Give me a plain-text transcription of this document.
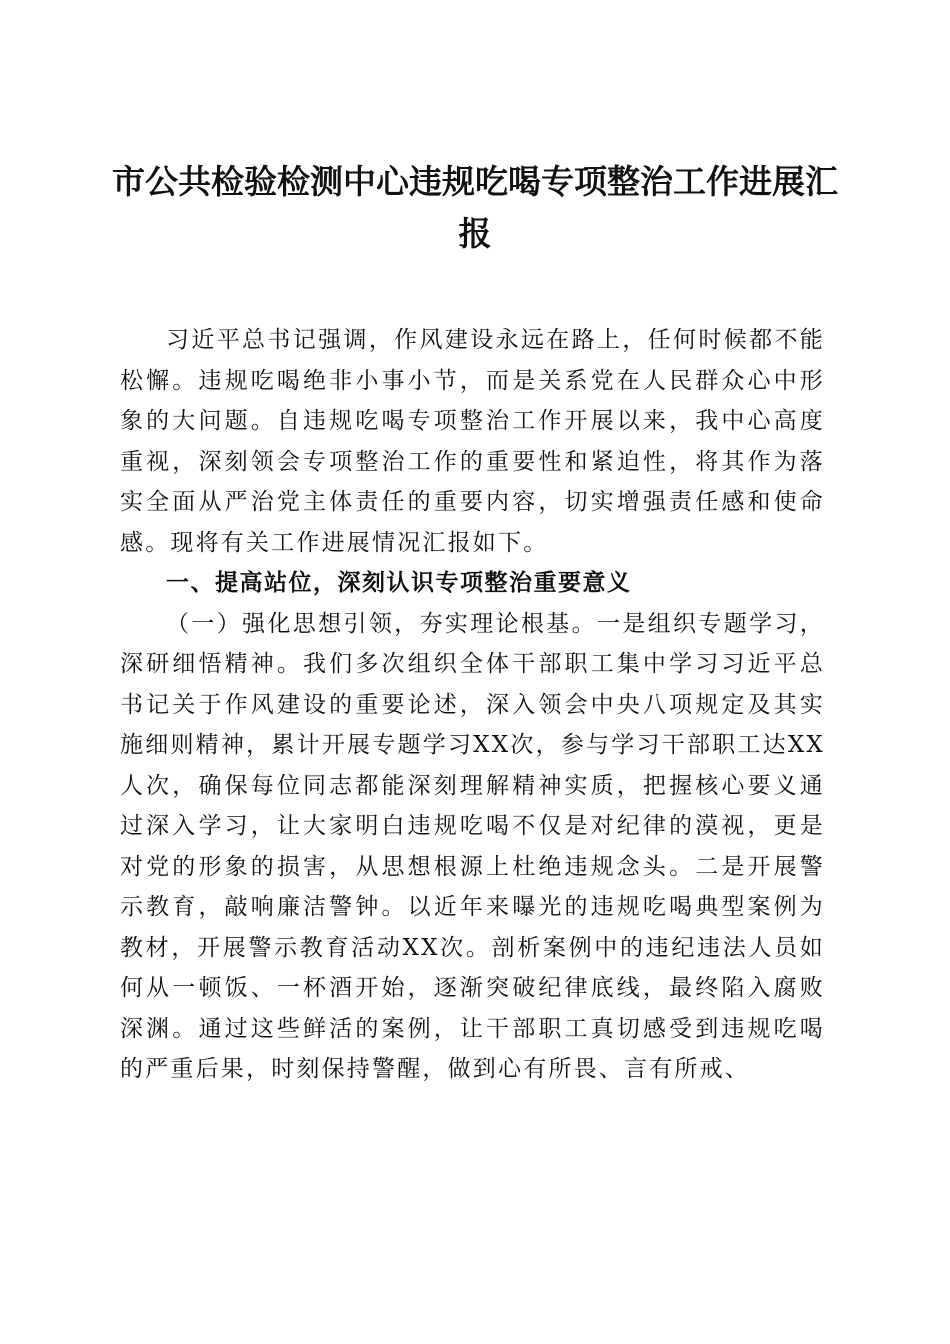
市公共检验检测中心违规吃喝专项整治工作进展汇报

习近平总书记强调，作风建设永远在路上，任何时候都不能松懈。违规吃喝绝非小事小节，而是关系党在人民群众心中形象的大问题。自违规吃喝专项整治工作开展以来，我中心高度重视，深刻领会专项整治工作的重要性和紧迫性，将其作为落实全面从严治党主体责任的重要内容，切实增强责任感和使命感。现将有关工作进展情况汇报如下。

一、提高站位，深刻认识专项整治重要意义

（一）强化思想引领，夯实理论根基。一是组织专题学习，深研细悟精神。我们多次组织全体干部职工集中学习习近平总书记关于作风建设的重要论述，深入领会中央八项规定及其实施细则精神，累计开展专题学习XX次，参与学习干部职工达XX人次，确保每位同志都能深刻理解精神实质，把握核心要义通过深入学习，让大家明白违规吃喝不仅是对纪律的漠视，更是对党的形象的损害，从思想根源上杜绝违规念头。二是开展警示教育，敲响廉洁警钟。以近年来曝光的违规吃喝典型案例为教材，开展警示教育活动XX次。剖析案例中的违纪违法人员如何从一顿饭、一杯酒开始，逐渐突破纪律底线，最终陷入腐败深渊。通过这些鲜活的案例，让干部职工真切感受到违规吃喝的严重后果，时刻保持警醒，做到心有所畏、言有所戒、
